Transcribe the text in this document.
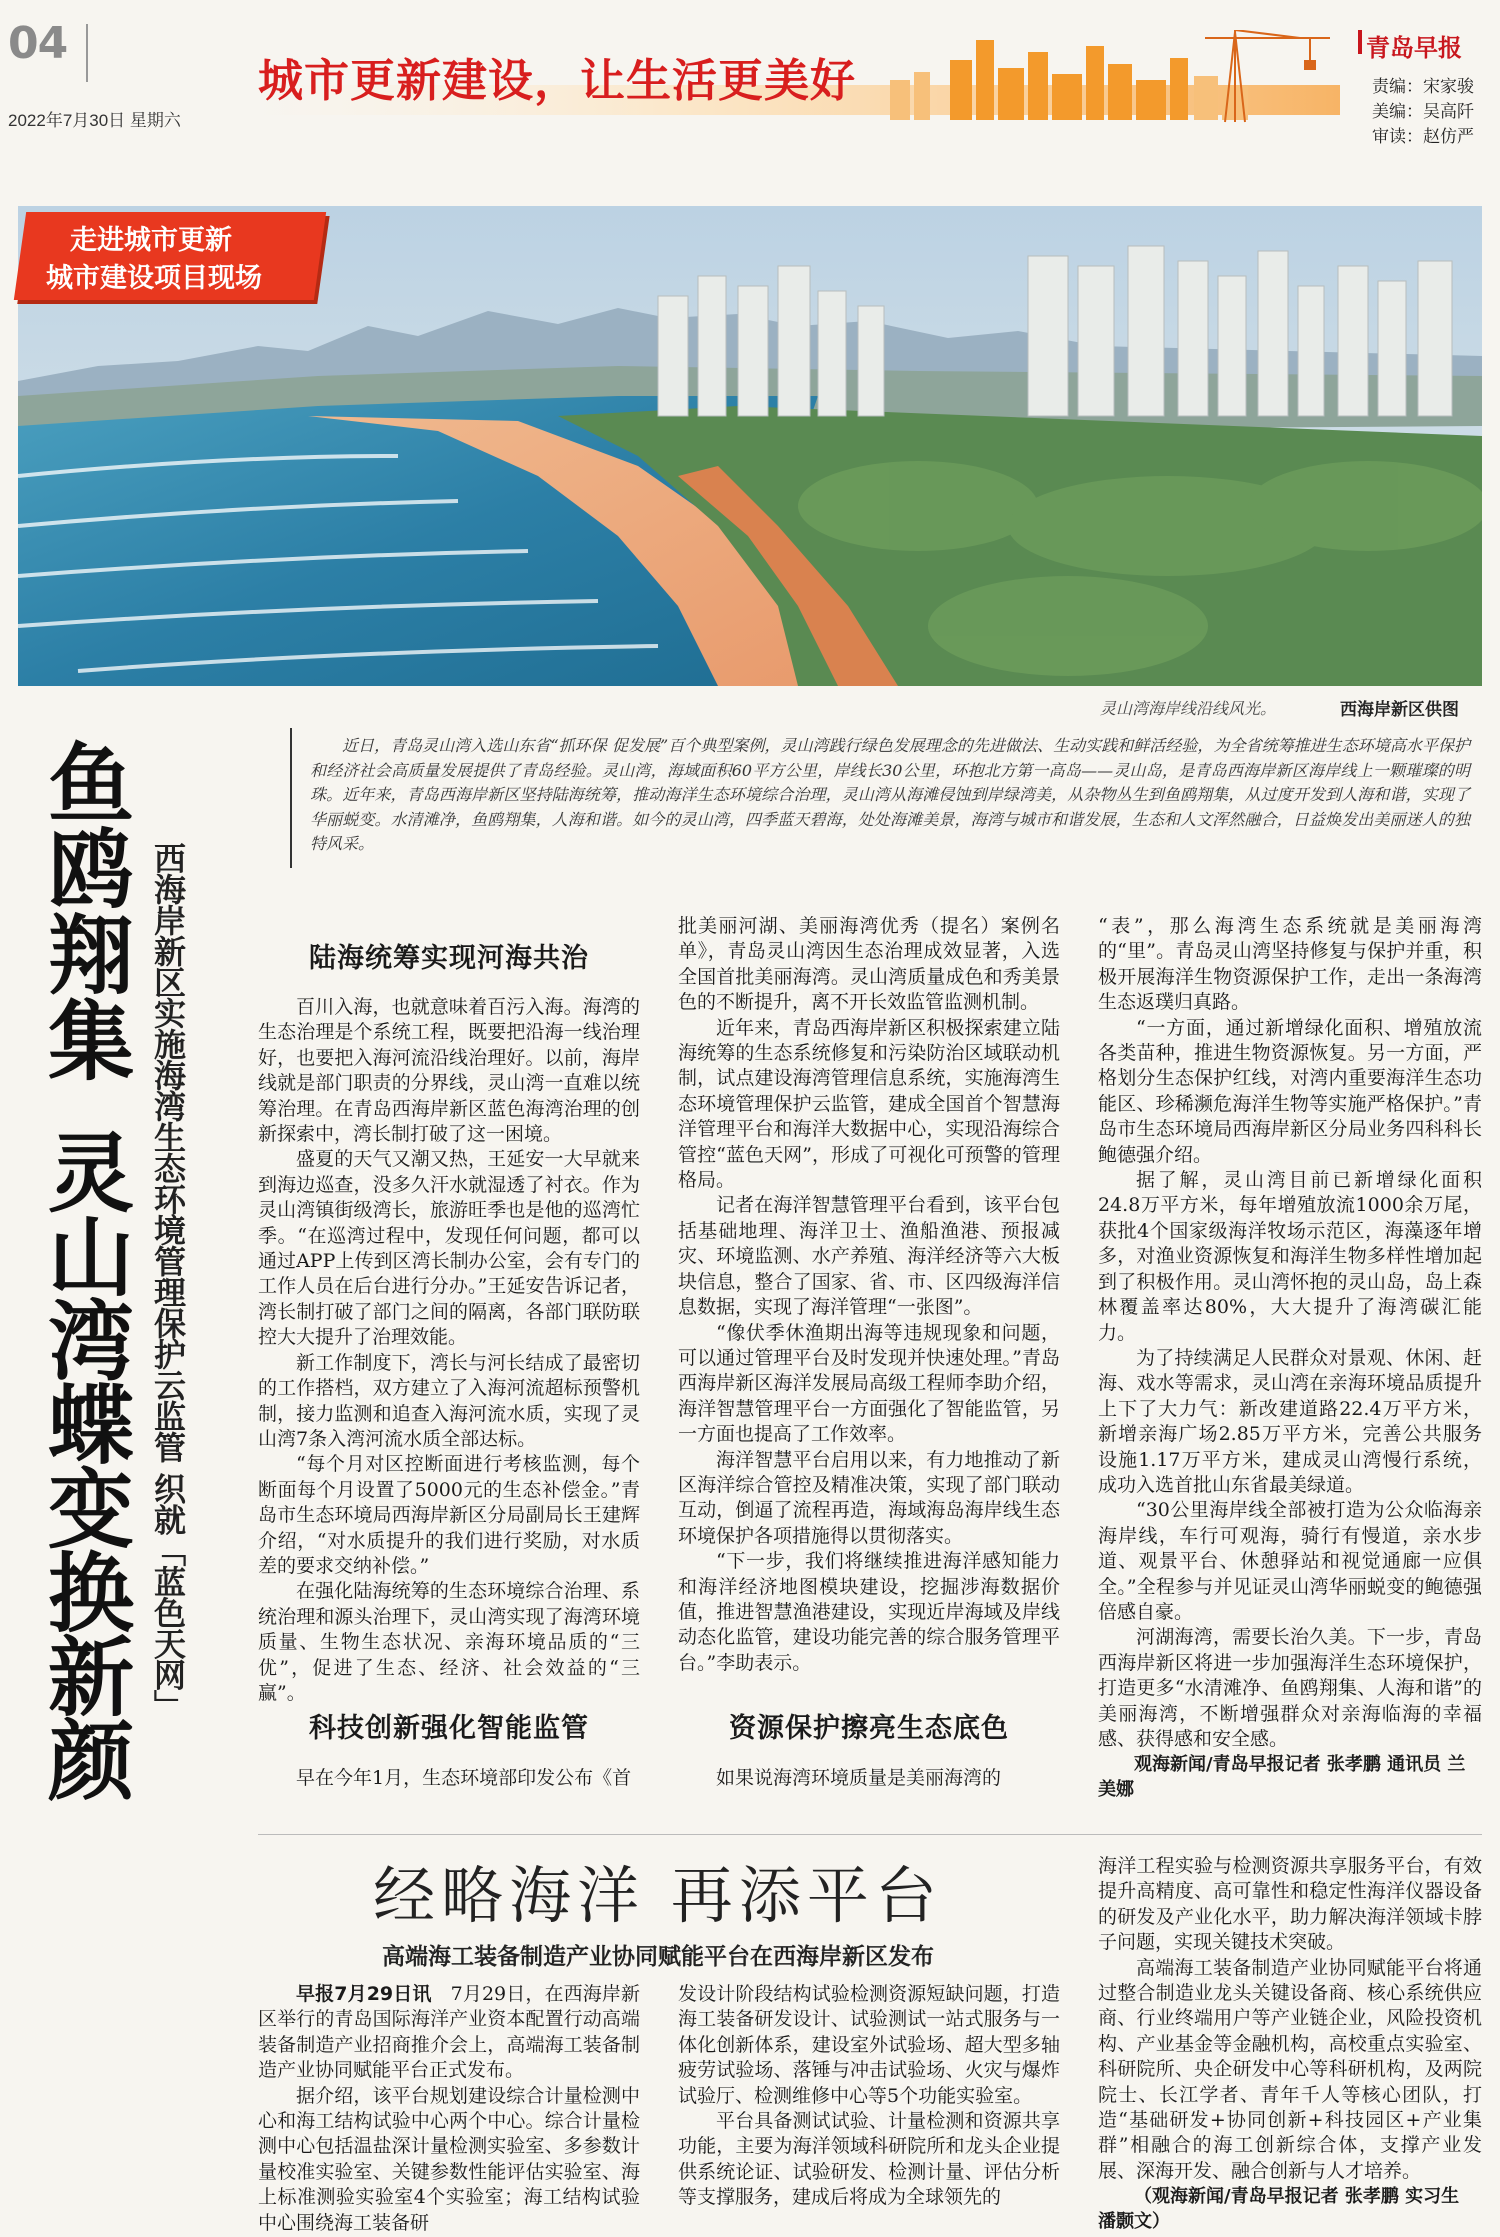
04
2022年7月30日 星期六
城市更新建设，让生活更美好
青岛早报
责编：宋家骏
美编：吴高阡
审读：赵仿严
走进城市更新
城市建设项目现场
灵山湾海岸线沿线风光。	西海岸新区供图
鱼鸥翔集
灵山湾蝶变换新颜 西海岸新区实施海湾生态环境管理保护云监管 织就「蓝色天网」
近日，青岛灵山湾入选山东省“抓环保 促发展”百个典型案例，灵山湾践行绿色发展理念的先进做法、生动实践和鲜活经验，为全省统筹推进生态环境高水平保护和经济社会高质量发展提供了青岛经验。灵山湾，海域面积60平方公里，岸线长30公里，环抱北方第一高岛——灵山岛，是青岛西海岸新区海岸线上一颗璀璨的明珠。近年来，青岛西海岸新区坚持陆海统筹，推动海洋生态环境综合治理，灵山湾从海滩侵蚀到岸绿湾美，从杂物丛生到鱼鸥翔集，从过度开发到人海和谐，实现了华丽蜕变。水清滩净，鱼鸥翔集，人海和谐。如今的灵山湾，四季蓝天碧海，处处海滩美景，海湾与城市和谐发展，生态和人文浑然融合，日益焕发出美丽迷人的独特风采。
陆海统筹实现河海共治

百川入海，也就意味着百污入海。海湾的生态治理是个系统工程，既要把沿海一线治理好，也要把入海河流沿线治理好。以前，海岸线就是部门职责的分界线，灵山湾一直难以统筹治理。在青岛西海岸新区蓝色海湾治理的创新探索中，湾长制打破了这一困境。

盛夏的天气又潮又热，王延安一大早就来到海边巡查，没多久汗水就湿透了衬衣。作为灵山湾镇街级湾长，旅游旺季也是他的巡湾忙季。“在巡湾过程中，发现任何问题，都可以通过APP上传到区湾长制办公室，会有专门的工作人员在后台进行分办。”王延安告诉记者，湾长制打破了部门之间的隔离，各部门联防联控大大提升了治理效能。

新工作制度下，湾长与河长结成了最密切的工作搭档，双方建立了入海河流超标预警机制，接力监测和追查入海河流水质，实现了灵山湾7条入湾河流水质全部达标。

“每个月对区控断面进行考核监测，每个断面每个月设置了5000元的生态补偿金。”青岛市生态环境局西海岸新区分局副局长王建辉介绍，“对水质提升的我们进行奖励，对水质差的要求交纳补偿。”

在强化陆海统筹的生态环境综合治理、系统治理和源头治理下，灵山湾实现了海湾环境质量、生物生态状况、亲海环境品质的“三优”，促进了生态、经济、社会效益的“三赢”。

科技创新强化智能监管

早在今年1月，生态环境部印发公布《首

批美丽河湖、美丽海湾优秀（提名）案例名单》，青岛灵山湾因生态治理成效显著，入选全国首批美丽海湾。灵山湾质量成色和秀美景色的不断提升，离不开长效监管监测机制。

近年来，青岛西海岸新区积极探索建立陆海统筹的生态系统修复和污染防治区域联动机制，试点建设海湾管理信息系统，实施海湾生态环境管理保护云监管，建成全国首个智慧海洋管理平台和海洋大数据中心，实现沿海综合管控“蓝色天网”，形成了可视化可预警的管理格局。

记者在海洋智慧管理平台看到，该平台包括基础地理、海洋卫士、渔船渔港、预报减灾、环境监测、水产养殖、海洋经济等六大板块信息，整合了国家、省、市、区四级海洋信息数据，实现了海洋管理“一张图”。

“像伏季休渔期出海等违规现象和问题，可以通过管理平台及时发现并快速处理。”青岛西海岸新区海洋发展局高级工程师李助介绍，海洋智慧管理平台一方面强化了智能监管，另一方面也提高了工作效率。

海洋智慧平台启用以来，有力地推动了新区海洋综合管控及精准决策，实现了部门联动互动，倒逼了流程再造，海域海岛海岸线生态环境保护各项措施得以贯彻落实。

“下一步，我们将继续推进海洋感知能力和海洋经济地图模块建设，挖掘涉海数据价值，推进智慧渔港建设，实现近岸海域及岸线动态化监管，建设功能完善的综合服务管理平台。”李助表示。

资源保护擦亮生态底色

如果说海湾环境质量是美丽海湾的

“表”，那么海湾生态系统就是美丽海湾的“里”。青岛灵山湾坚持修复与保护并重，积极开展海洋生物资源保护工作，走出一条海湾生态返璞归真路。

“一方面，通过新增绿化面积、增殖放流各类苗种，推进生物资源恢复。另一方面，严格划分生态保护红线，对湾内重要海洋生态功能区、珍稀濒危海洋生物等实施严格保护。”青岛市生态环境局西海岸新区分局业务四科科长鲍德强介绍。

据了解，灵山湾目前已新增绿化面积24.8万平方米，每年增殖放流1000余万尾，获批4个国家级海洋牧场示范区，海藻逐年增多，对渔业资源恢复和海洋生物多样性增加起到了积极作用。灵山湾怀抱的灵山岛，岛上森林覆盖率达80%，大大提升了海湾碳汇能力。

为了持续满足人民群众对景观、休闲、赶海、戏水等需求，灵山湾在亲海环境品质提升上下了大力气：新改建道路22.4万平方米，新增亲海广场2.85万平方米，完善公共服务设施1.17万平方米，建成灵山湾慢行系统，成功入选首批山东省最美绿道。

“30公里海岸线全部被打造为公众临海亲海岸线，车行可观海，骑行有慢道，亲水步道、观景平台、休憩驿站和视觉通廊一应俱全。”全程参与并见证灵山湾华丽蜕变的鲍德强倍感自豪。

河湖海湾，需要长治久美。下一步，青岛西海岸新区将进一步加强海洋生态环境保护，打造更多“水清滩净、鱼鸥翔集、人海和谐”的美丽海湾，不断增强群众对亲海临海的幸福感、获得感和安全感。

观海新闻/青岛早报记者 张孝鹏 通讯员 兰美娜
经略海洋 再添平台
高端海工装备制造产业协同赋能平台在西海岸新区发布

早报7月29日讯　 7月29日，在西海岸新区举行的青岛国际海洋产业资本配置行动高端装备制造产业招商推介会上，高端海工装备制造产业协同赋能平台正式发布。

据介绍，该平台规划建设综合计量检测中心和海工结构试验中心两个中心。综合计量检测中心包括温盐深计量检测实验室、多参数计量校准实验室、关键参数性能评估实验室、海上标准测验实验室4个实验室；海工结构试验中心围绕海工装备研

发设计阶段结构试验检测资源短缺问题，打造海工装备研发设计、试验测试一站式服务与一体化创新体系，建设室外试验场、超大型多轴疲劳试验场、落锤与冲击试验场、火灾与爆炸试验厅、检测维修中心等5个功能实验室。

平台具备测试试验、计量检测和资源共享功能，主要为海洋领域科研院所和龙头企业提供系统论证、试验研发、检测计量、评估分析等支撑服务，建成后将成为全球领先的

海洋工程实验与检测资源共享服务平台，有效提升高精度、高可靠性和稳定性海洋仪器设备的研发及产业化水平，助力解决海洋领域卡脖子问题，实现关键技术突破。

高端海工装备制造产业协同赋能平台将通过整合制造业龙头关键设备商、核心系统供应商、行业终端用户等产业链企业，风险投资机构、产业基金等金融机构，高校重点实验室、科研院所、央企研发中心等科研机构，及两院院士、长江学者、青年千人等核心团队，打造“基础研发+协同创新+科技园区+产业集群”相融合的海工创新综合体，支撑产业发展、深海开发、融合创新与人才培养。

（观海新闻/青岛早报记者 张孝鹏 实习生 潘颢文）
